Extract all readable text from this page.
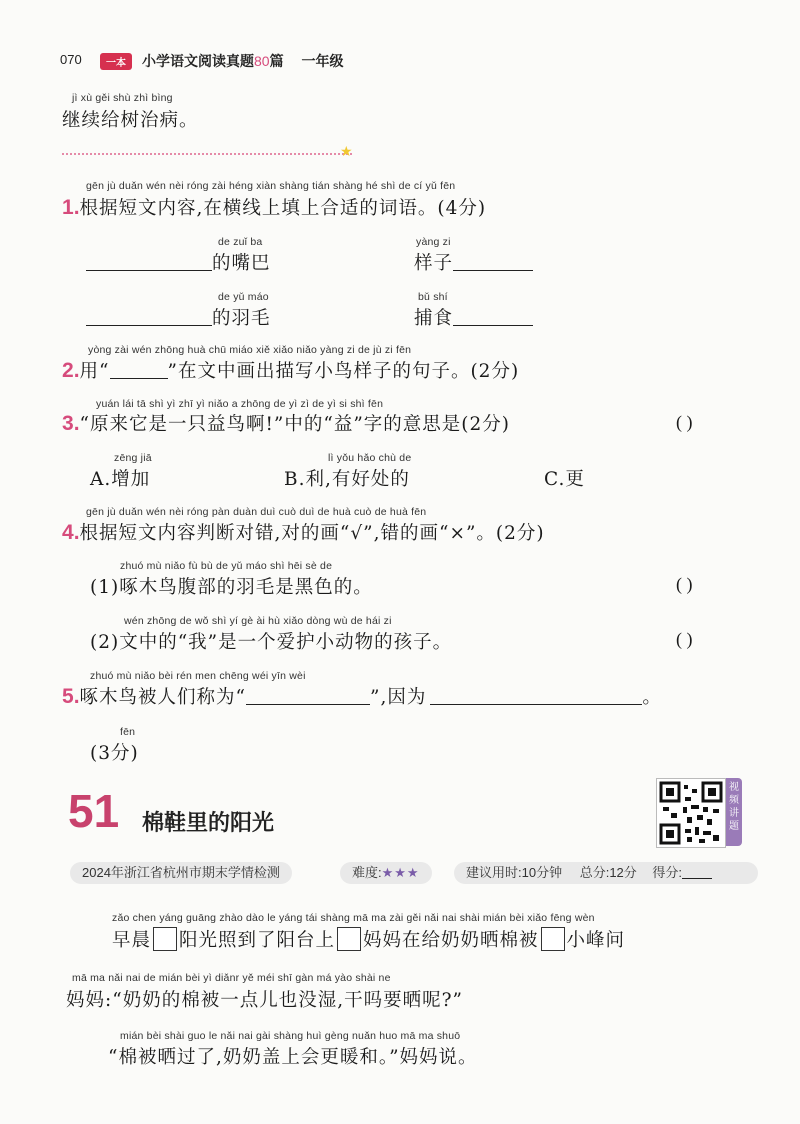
070	一本	小学语文阅读真题80篇 一年级
jì xù gěi shù zhì bìng
继续给树治病。
★
gēn jù duǎn wén nèi róng zài héng xiàn shàng tián shàng hé shì de cí yǔ fēn
1.根据短文内容,在横线上填上合适的词语。(4分)
de zuǐ ba
的嘴巴
yàng zi
样子
de yǔ máo
的羽毛
bǔ shí
捕食
yòng zài wén zhōng huà chū miáo xiě xiǎo niǎo yàng zi de jù zi fēn
2.用“	”在文中画出描写小鸟样子的句子。(2分)
yuán lái tā shì yì zhī yì niǎo a zhōng de yì zì de yì si shì fēn
3.“原来它是一只益鸟啊!”中的“益”字的意思是(2分)	( )
zēng jiā
A.增加
lì yǒu hǎo chù de
B.利,有好处的	C.更
gēn jù duǎn wén nèi róng pàn duàn duì cuò duì de huà cuò de huà fēn
4.根据短文内容判断对错,对的画“√”,错的画“×”。(2分)
zhuó mù niǎo fù bù de yǔ máo shì hēi sè de
(1)啄木鸟腹部的羽毛是黑色的。	( )
wén zhōng de wǒ shì yí gè ài hù xiǎo dòng wù de hái zi
(2)文中的“我”是一个爱护小动物的孩子。	( )
zhuó mù niǎo bèi rén men chēng wéi yīn wèi
5.啄木鸟被人们称为“	”,因为	。
fēn
(3分)
51 棉鞋里的阳光
视频讲题
2024年浙江省杭州市期末学情检测	难度:★★★	建议用时:10分钟 总分:12分 得分:
zǎo chen yáng guāng zhào dào le yáng tái shàng mā ma zài gěi nǎi nai shài mián bèi xiǎo fēng wèn
早晨 阳光照到了阳台上 妈妈在给奶奶晒棉被 小峰问
mā ma nǎi nai de mián bèi yì diǎnr yě méi shī gàn má yào shài ne
妈妈:“奶奶的棉被一点儿也没湿,干吗要晒呢?”
mián bèi shài guo le nǎi nai gài shàng huì gèng nuǎn huo mā ma shuō
“棉被晒过了,奶奶盖上会更暖和。”妈妈说。
